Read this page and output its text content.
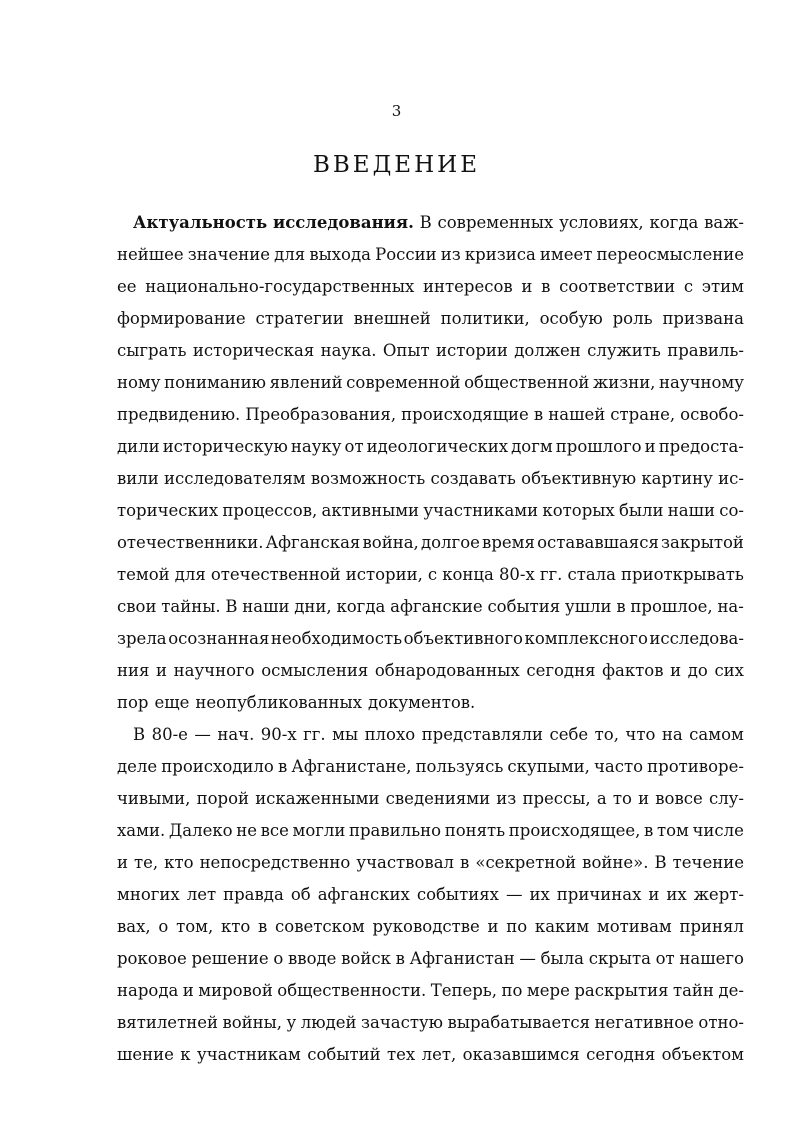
3
ВВЕДЕНИЕ
Актуальность исследования. В современных условиях, когда важ-
нейшее значение для выхода России из кризиса имеет переосмысление
ее национально-государственных интересов и в соответствии с этим
формирование стратегии внешней политики, особую роль призвана
сыграть историческая наука. Опыт истории должен служить правиль-
ному пониманию явлений современной общественной жизни, научному
предвидению. Преобразования, происходящие в нашей стране, освобо-
дили историческую науку от идеологических догм прошлого и предоста-
вили исследователям возможность создавать объективную картину ис-
торических процессов, активными участниками которых были наши со-
отечественники. Афганская война, долгое время остававшаяся закрытой
темой для отечественной истории, с конца 80-х гг. стала приоткрывать
свои тайны. В наши дни, когда афганские события ушли в прошлое, на-
зрела осознанная необходимость объективного комплексного исследова-
ния и научного осмысления обнародованных сегодня фактов и до сих
пор еще неопубликованных документов.
В 80-е — нач. 90-х гг. мы плохо представляли себе то, что на самом
деле происходило в Афганистане, пользуясь скупыми, часто противоре-
чивыми, порой искаженными сведениями из прессы, а то и вовсе слу-
хами. Далеко не все могли правильно понять происходящее, в том числе
и те, кто непосредственно участвовал в «секретной войне». В течение
многих лет правда об афганских событиях — их причинах и их жерт-
вах, о том, кто в советском руководстве и по каким мотивам принял
роковое решение о вводе войск в Афганистан — была скрыта от нашего
народа и мировой общественности. Теперь, по мере раскрытия тайн де-
вятилетней войны, у людей зачастую вырабатывается негативное отно-
шение к участникам событий тех лет, оказавшимся сегодня объектом
